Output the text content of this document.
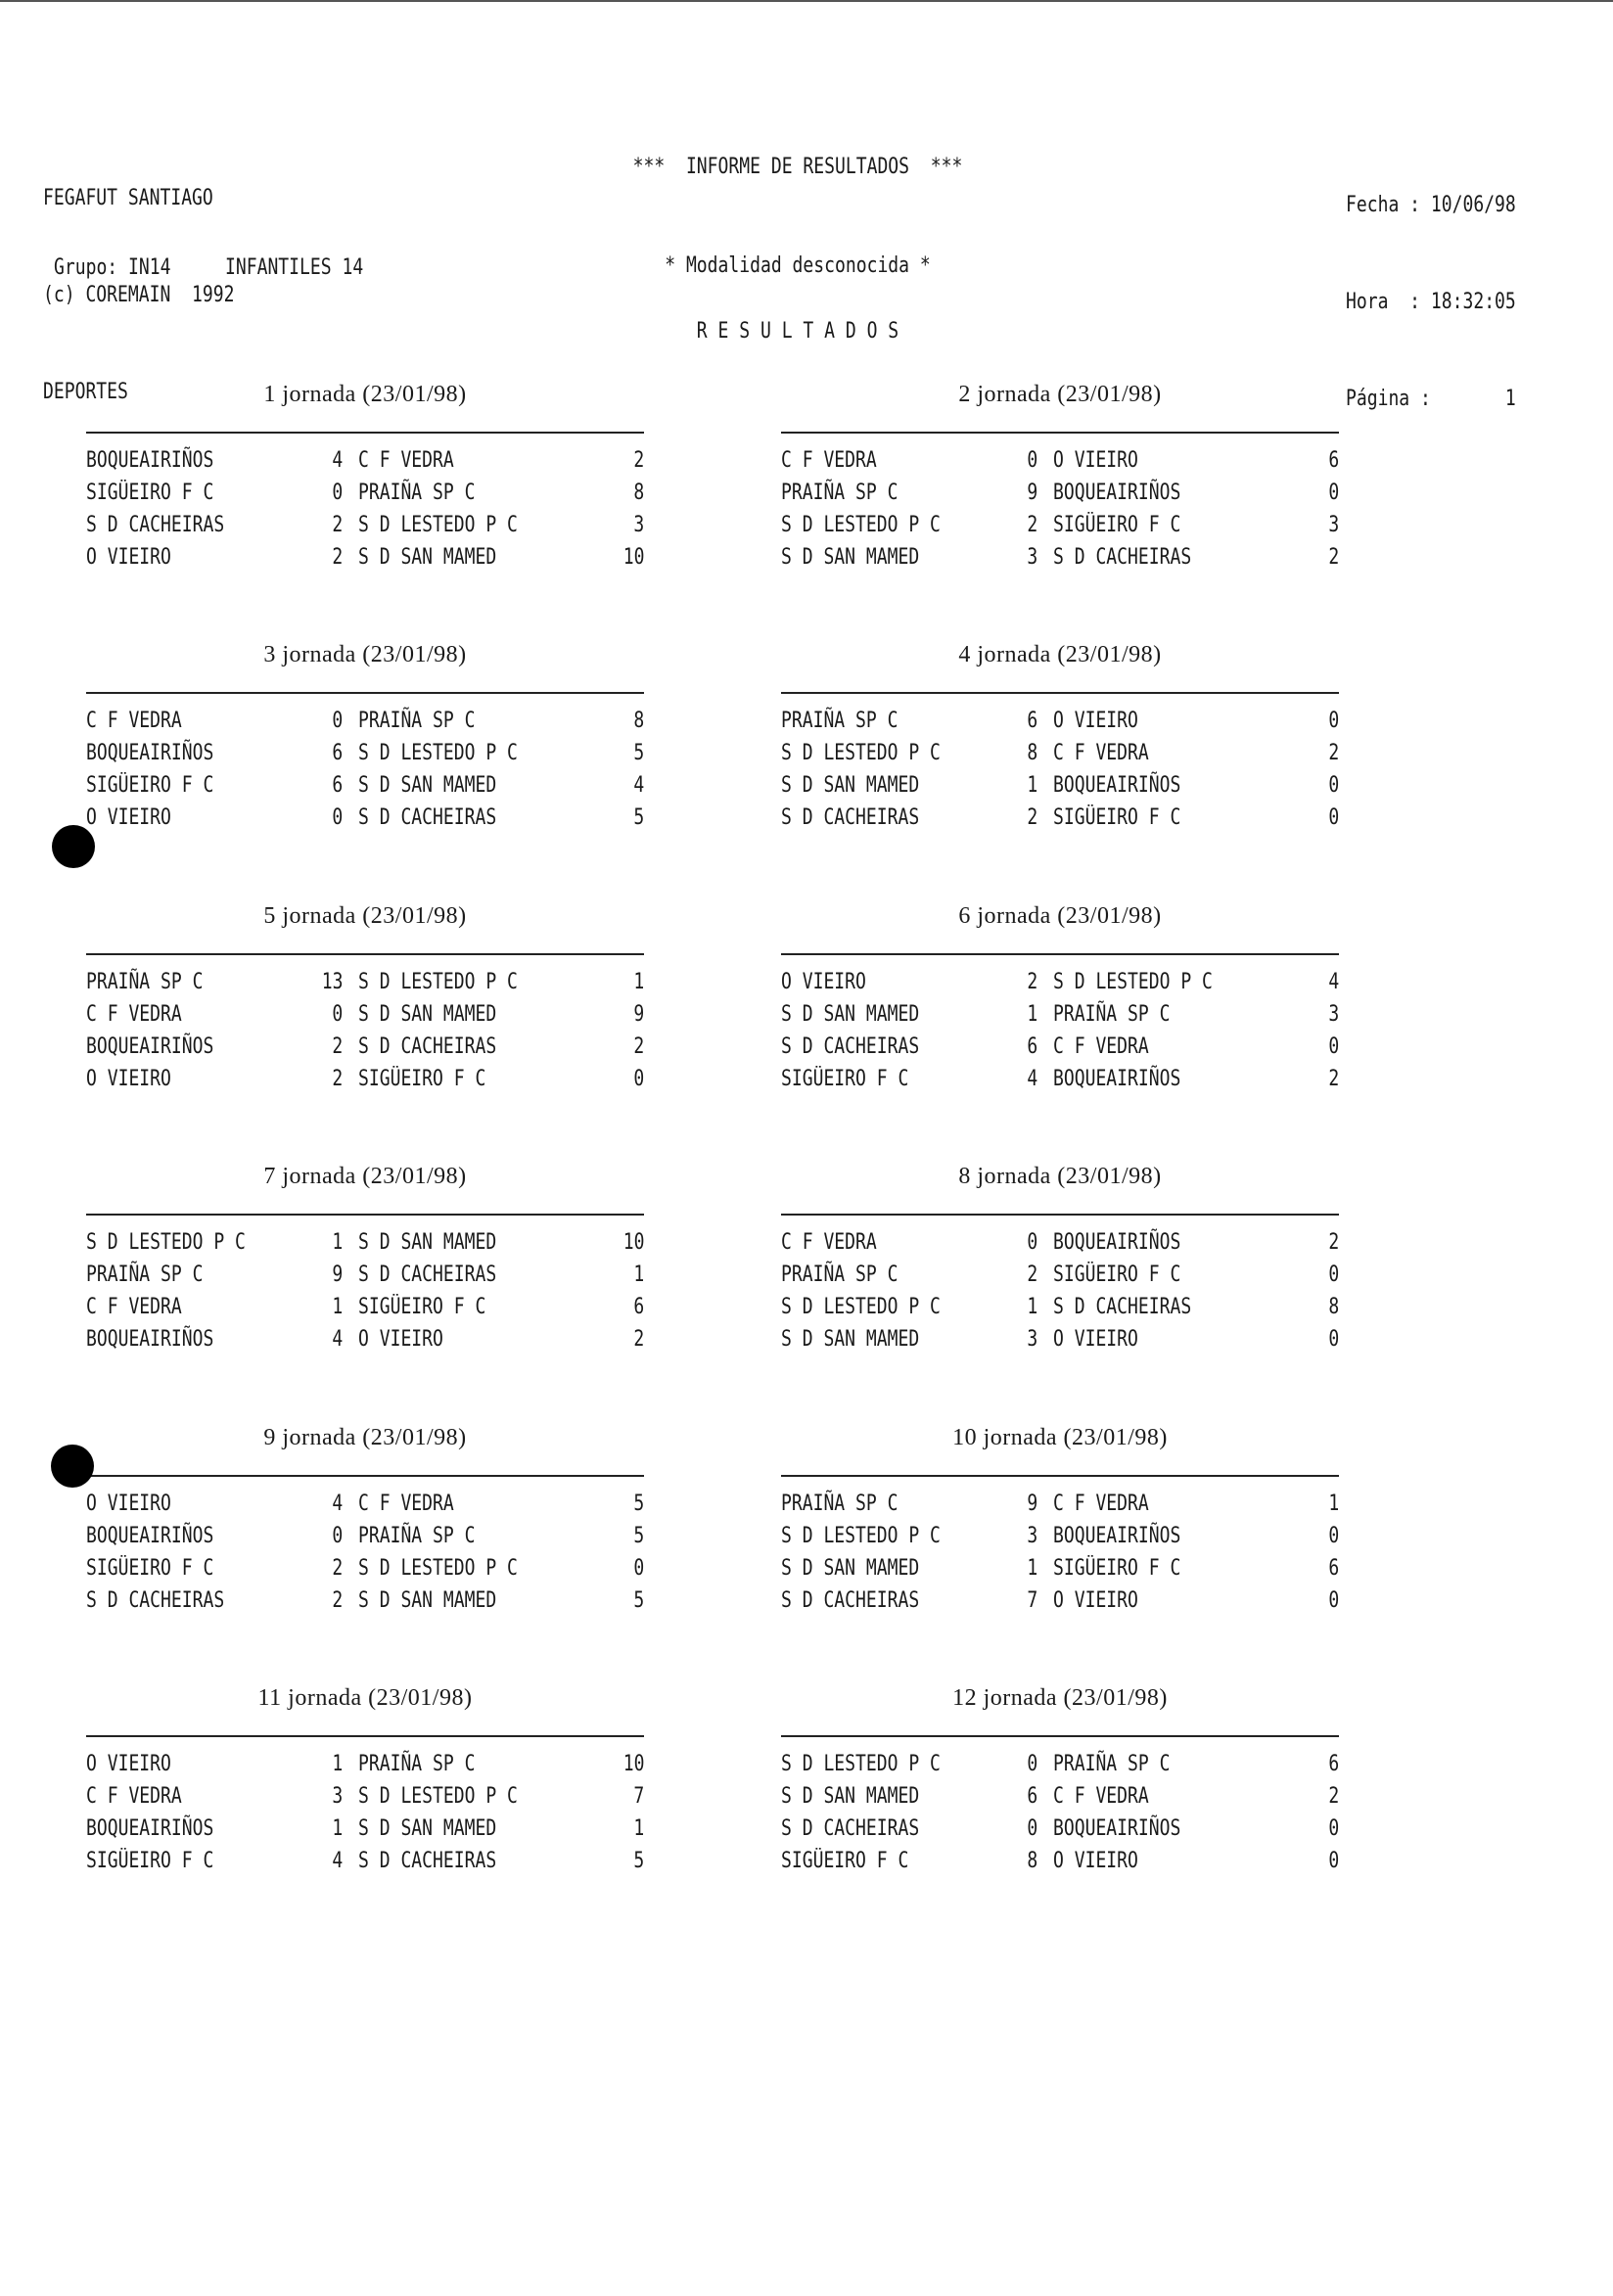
FEGAFUT SANTIAGO

(c) COREMAIN  1992

DEPORTES

***  INFORME DE RESULTADOS  ***

Fecha : 10/06/98

Hora  : 18:32:05

Página :       1

Grupo: IN14	INFANTILES 14	* Modalidad desconocida *
R E S U L T A D O S
1 jornada (23/01/98)
BOQUEAIRIÑOS	4 C F VEDRA	2
SIGÜEIRO F C	0 PRAIÑA SP C	8
S D CACHEIRAS	2 S D LESTEDO P C	3
O VIEIRO	2 S D SAN MAMED	10
2 jornada (23/01/98)
C F VEDRA	0 O VIEIRO	6
PRAIÑA SP C	9 BOQUEAIRIÑOS	0
S D LESTEDO P C	2 SIGÜEIRO F C	3
S D SAN MAMED	3 S D CACHEIRAS	2
3 jornada (23/01/98)
C F VEDRA	0 PRAIÑA SP C	8
BOQUEAIRIÑOS	6 S D LESTEDO P C	5
SIGÜEIRO F C	6 S D SAN MAMED	4
O VIEIRO	0 S D CACHEIRAS	5
4 jornada (23/01/98)
PRAIÑA SP C	6 O VIEIRO	0
S D LESTEDO P C	8 C F VEDRA	2
S D SAN MAMED	1 BOQUEAIRIÑOS	0
S D CACHEIRAS	2 SIGÜEIRO F C	0
5 jornada (23/01/98)
PRAIÑA SP C	13 S D LESTEDO P C	1
C F VEDRA	0 S D SAN MAMED	9
BOQUEAIRIÑOS	2 S D CACHEIRAS	2
O VIEIRO	2 SIGÜEIRO F C	0
6 jornada (23/01/98)
O VIEIRO	2 S D LESTEDO P C	4
S D SAN MAMED	1 PRAIÑA SP C	3
S D CACHEIRAS	6 C F VEDRA	0
SIGÜEIRO F C	4 BOQUEAIRIÑOS	2
7 jornada (23/01/98)
S D LESTEDO P C	1 S D SAN MAMED	10
PRAIÑA SP C	9 S D CACHEIRAS	1
C F VEDRA	1 SIGÜEIRO F C	6
BOQUEAIRIÑOS	4 O VIEIRO	2
8 jornada (23/01/98)
C F VEDRA	0 BOQUEAIRIÑOS	2
PRAIÑA SP C	2 SIGÜEIRO F C	0
S D LESTEDO P C	1 S D CACHEIRAS	8
S D SAN MAMED	3 O VIEIRO	0
9 jornada (23/01/98)
O VIEIRO	4 C F VEDRA	5
BOQUEAIRIÑOS	0 PRAIÑA SP C	5
SIGÜEIRO F C	2 S D LESTEDO P C	0
S D CACHEIRAS	2 S D SAN MAMED	5
10 jornada (23/01/98)
PRAIÑA SP C	9 C F VEDRA	1
S D LESTEDO P C	3 BOQUEAIRIÑOS	0
S D SAN MAMED	1 SIGÜEIRO F C	6
S D CACHEIRAS	7 O VIEIRO	0
11 jornada (23/01/98)
O VIEIRO	1 PRAIÑA SP C	10
C F VEDRA	3 S D LESTEDO P C	7
BOQUEAIRIÑOS	1 S D SAN MAMED	1
SIGÜEIRO F C	4 S D CACHEIRAS	5
12 jornada (23/01/98)
S D LESTEDO P C	0 PRAIÑA SP C	6
S D SAN MAMED	6 C F VEDRA	2
S D CACHEIRAS	0 BOQUEAIRIÑOS	0
SIGÜEIRO F C	8 O VIEIRO	0
